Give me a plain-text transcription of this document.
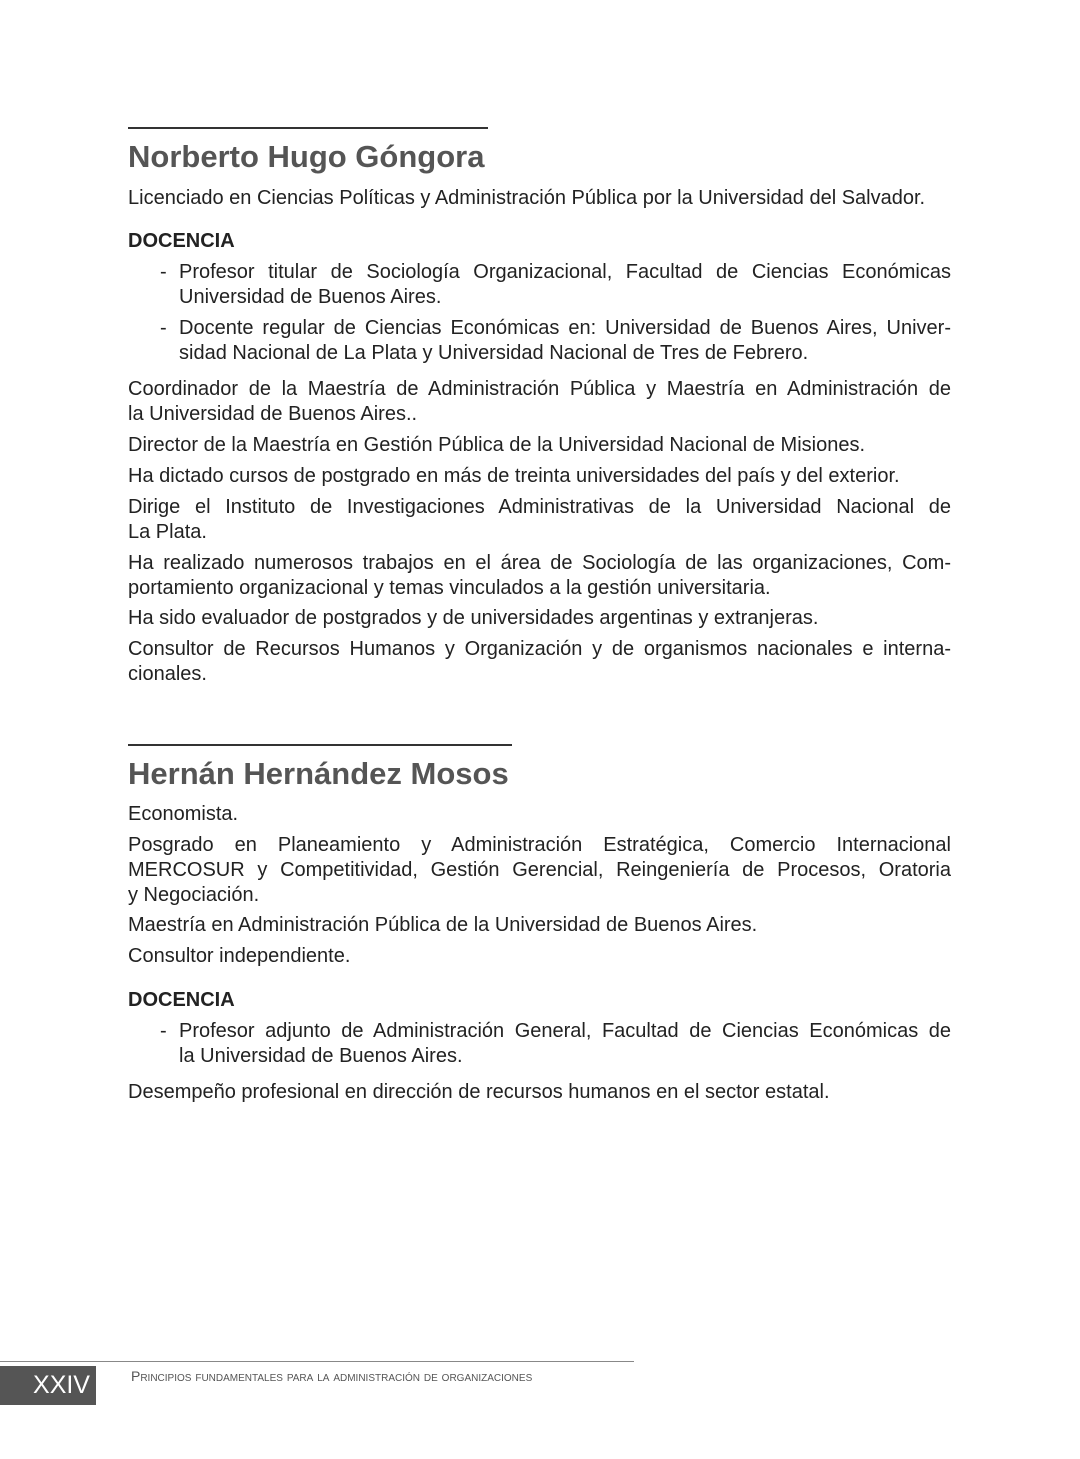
Norberto Hugo Góngora
Licenciado en Ciencias Políticas y Administración Pública por la Universidad del Salvador.
DOCENCIA
- Profesor titular de Sociología Organizacional, Facultad de Ciencias Económicas
Universidad de Buenos Aires.
- Docente regular de Ciencias Económicas en: Universidad de Buenos Aires, Univer-
sidad Nacional de La Plata y Universidad Nacional de Tres de Febrero.
Coordinador de la Maestría de Administración Pública y Maestría en Administración de
la Universidad de Buenos Aires..
Director de la Maestría en Gestión Pública de la Universidad Nacional de Misiones.
Ha dictado cursos de postgrado en más de treinta universidades del país y del exterior.
Dirige el Instituto de Investigaciones Administrativas de la Universidad Nacional de
La Plata.
Ha realizado numerosos trabajos en el área de Sociología de las organizaciones, Com-
portamiento organizacional y temas vinculados a la gestión universitaria.
Ha sido evaluador de postgrados y de universidades argentinas y extranjeras.
Consultor de Recursos Humanos y Organización y de organismos nacionales e interna-
cionales.
Hernán Hernández Mosos
Economista.
Posgrado en Planeamiento y Administración Estratégica, Comercio Internacional
MERCOSUR y Competitividad, Gestión Gerencial, Reingeniería de Procesos, Oratoria
y Negociación.
Maestría en Administración Pública de la Universidad de Buenos Aires.
Consultor independiente.
DOCENCIA
- Profesor adjunto de Administración General, Facultad de Ciencias Económicas de
la Universidad de Buenos Aires.
Desempeño profesional en dirección de recursos humanos en el sector estatal.
XXIV	Principios fundamentales para la administración de organizaciones
